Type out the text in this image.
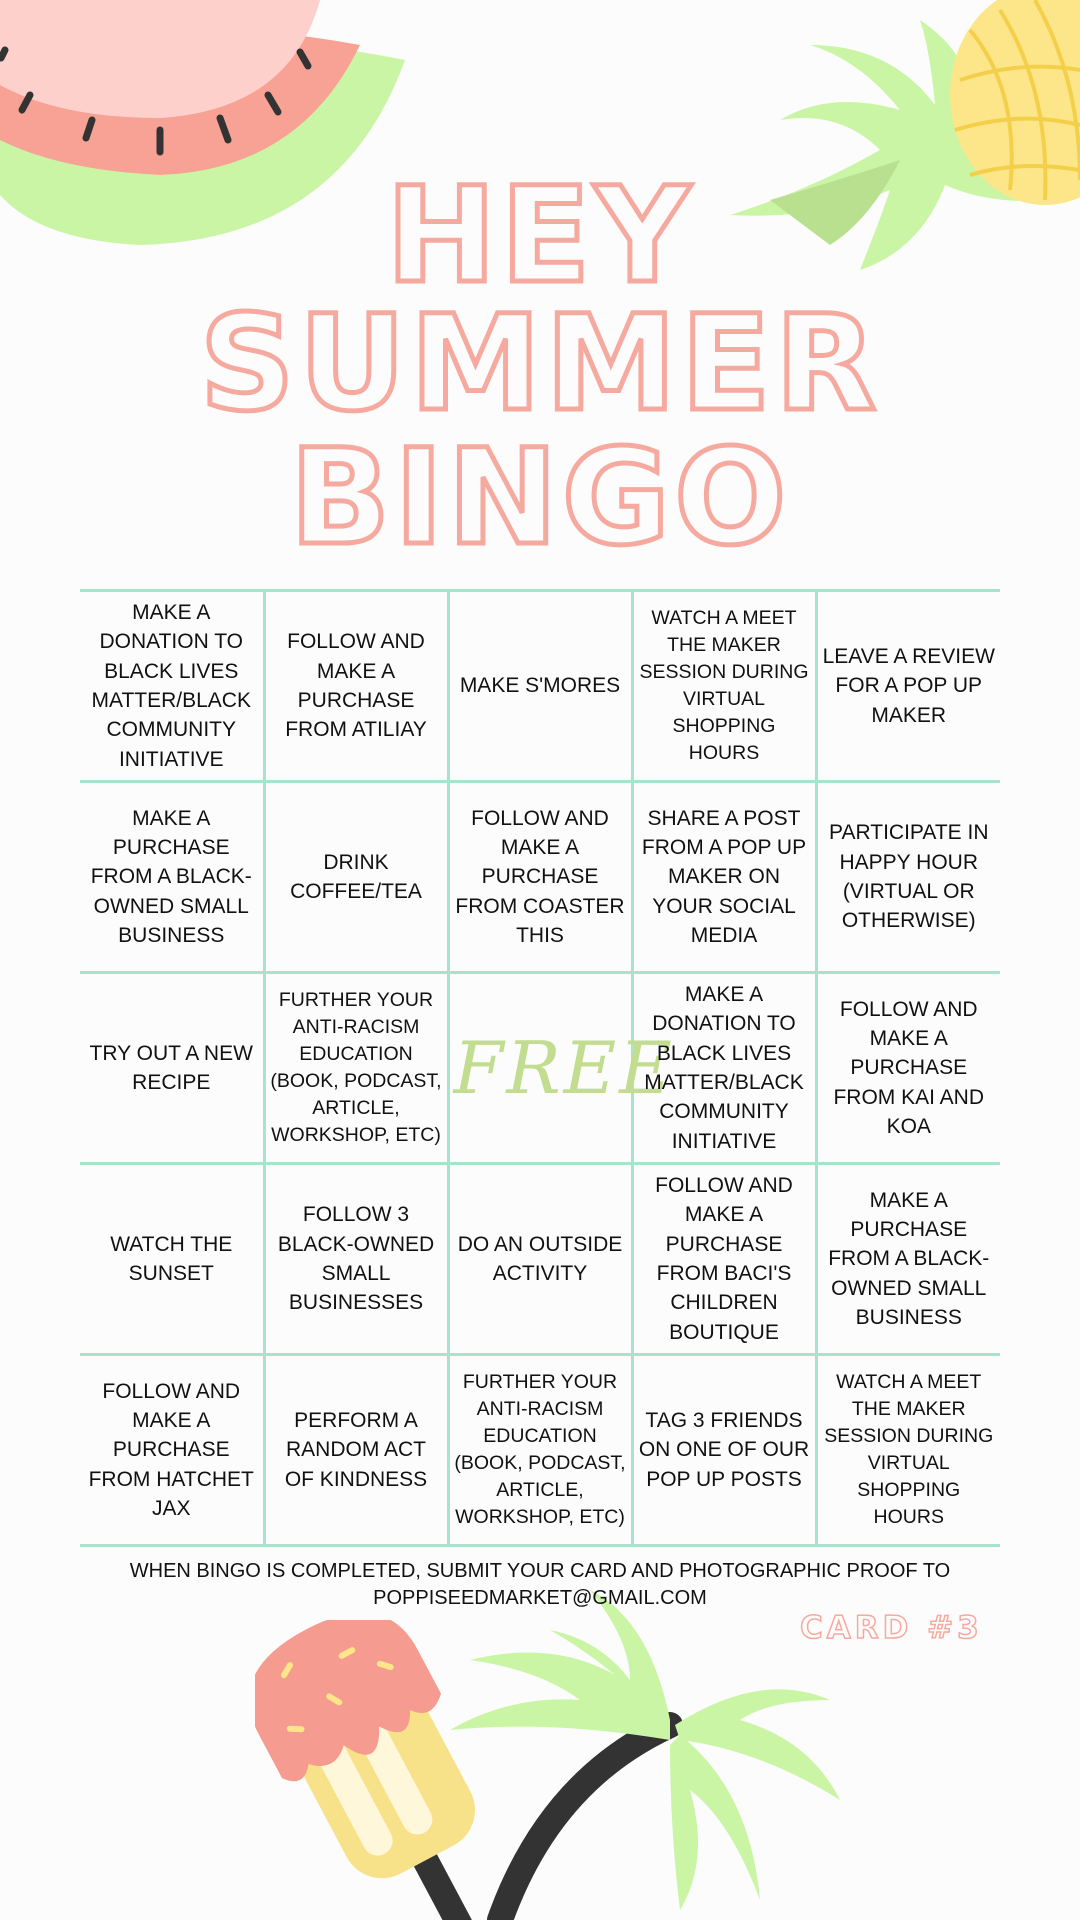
HEY
SUMMER
BINGO
MAKE A DONATION TO BLACK LIVES MATTER/BLACK COMMUNITY INITIATIVE	FOLLOW AND MAKE A PURCHASE FROM ATILIAY	MAKE S'MORES	WATCH A MEET THE MAKER SESSION DURING VIRTUAL SHOPPING HOURS	LEAVE A REVIEW FOR A POP UP MAKER
MAKE A PURCHASE FROM A BLACK-OWNED SMALL BUSINESS	DRINK COFFEE/TEA	FOLLOW AND MAKE A PURCHASE FROM COASTER THIS	SHARE A POST FROM A POP UP MAKER ON YOUR SOCIAL MEDIA	PARTICIPATE IN HAPPY HOUR (VIRTUAL OR OTHERWISE)
TRY OUT A NEW RECIPE	FURTHER YOUR ANTI-RACISM EDUCATION (BOOK, PODCAST, ARTICLE, WORKSHOP, ETC)	FREE	MAKE A DONATION TO BLACK LIVES MATTER/BLACK COMMUNITY INITIATIVE	FOLLOW AND MAKE A PURCHASE FROM KAI AND KOA
WATCH THE SUNSET	FOLLOW 3 BLACK-OWNED SMALL BUSINESSES	DO AN OUTSIDE ACTIVITY	FOLLOW AND MAKE A PURCHASE FROM BACI'S CHILDREN BOUTIQUE	MAKE A PURCHASE FROM A BLACK-OWNED SMALL BUSINESS
FOLLOW AND MAKE A PURCHASE FROM HATCHET JAX	PERFORM A RANDOM ACT OF KINDNESS	FURTHER YOUR ANTI-RACISM EDUCATION (BOOK, PODCAST, ARTICLE, WORKSHOP, ETC)	TAG 3 FRIENDS ON ONE OF OUR POP UP POSTS	WATCH A MEET THE MAKER SESSION DURING VIRTUAL SHOPPING HOURS
WHEN BINGO IS COMPLETED, SUBMIT YOUR CARD AND PHOTOGRAPHIC PROOF TO
POPPISEEDMARKET@GMAIL.COM
CARD #3
